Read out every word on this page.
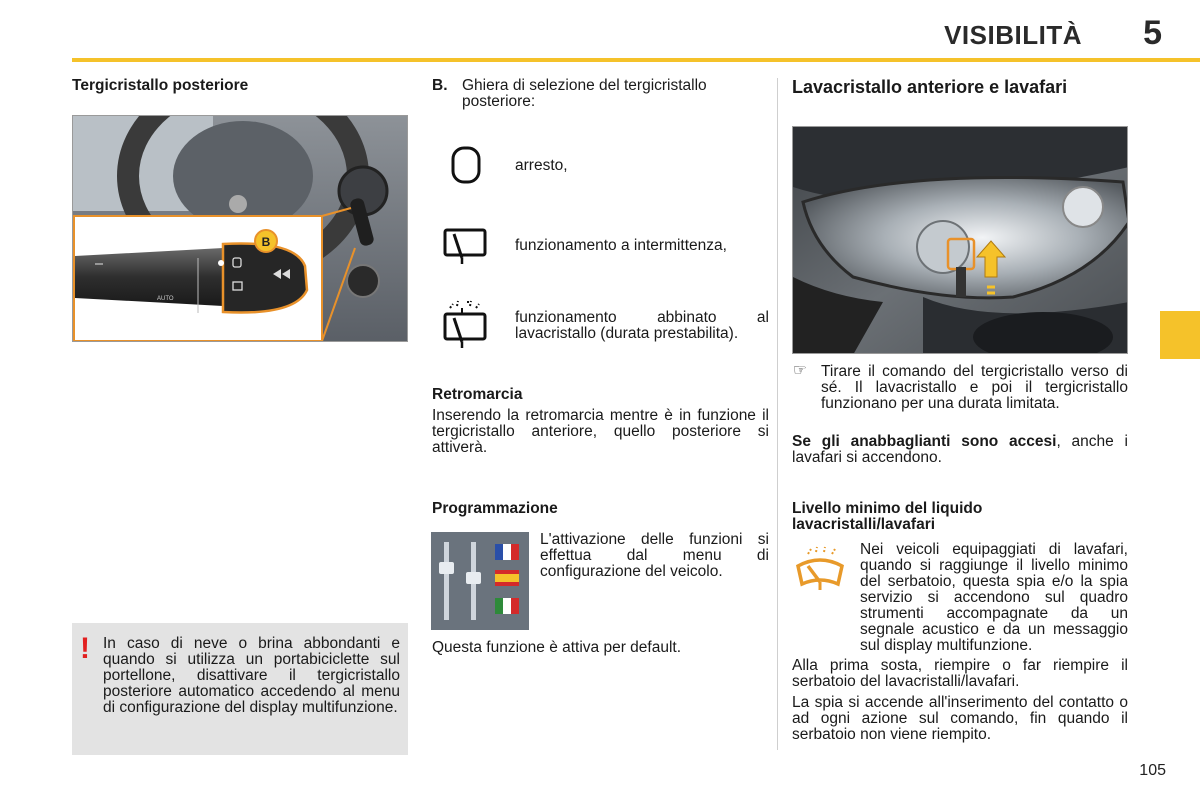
VISIBILITÀ 5
Tergicristallo posteriore
B
AUTO
! In caso di neve o brina abbondanti e quando si utilizza un portabiciclette sul portellone, disattivare il tergicristallo posteriore automatico accedendo al menu di configurazione del display multifunzione.
B. Ghiera di selezione del tergicristallo posteriore:
arresto,
funzionamento a intermittenza,
funzionamento abbinato al lavacristallo (durata prestabilita).
Retromarcia
Inserendo la retromarcia mentre è in funzione il tergicristallo anteriore, quello posteriore si attiverà.
Programmazione
L'attivazione delle funzioni si effettua dal menu di configurazione del veicolo.
Questa funzione è attiva per default.
Lavacristallo anteriore e lavafari
☞ Tirare il comando del tergicristallo verso di sé. Il lavacristallo e poi il tergicristallo funzionano per una durata limitata.
Se gli anabbaglianti sono accesi, anche i lavafari si accendono.
Livello minimo del liquido lavacristalli/lavafari
Nei veicoli equipaggiati di lavafari, quando si raggiunge il livello minimo del serbatoio, questa spia e/o la spia servizio si accendono sul quadro strumenti accompagnate da un segnale acustico e da un messaggio sul display multifunzione.
Alla prima sosta, riempire o far riempire il serbatoio del lavacristalli/lavafari.
La spia si accende all'inserimento del contatto o ad ogni azione sul comando, fin quando il serbatoio non viene riempito.
105
